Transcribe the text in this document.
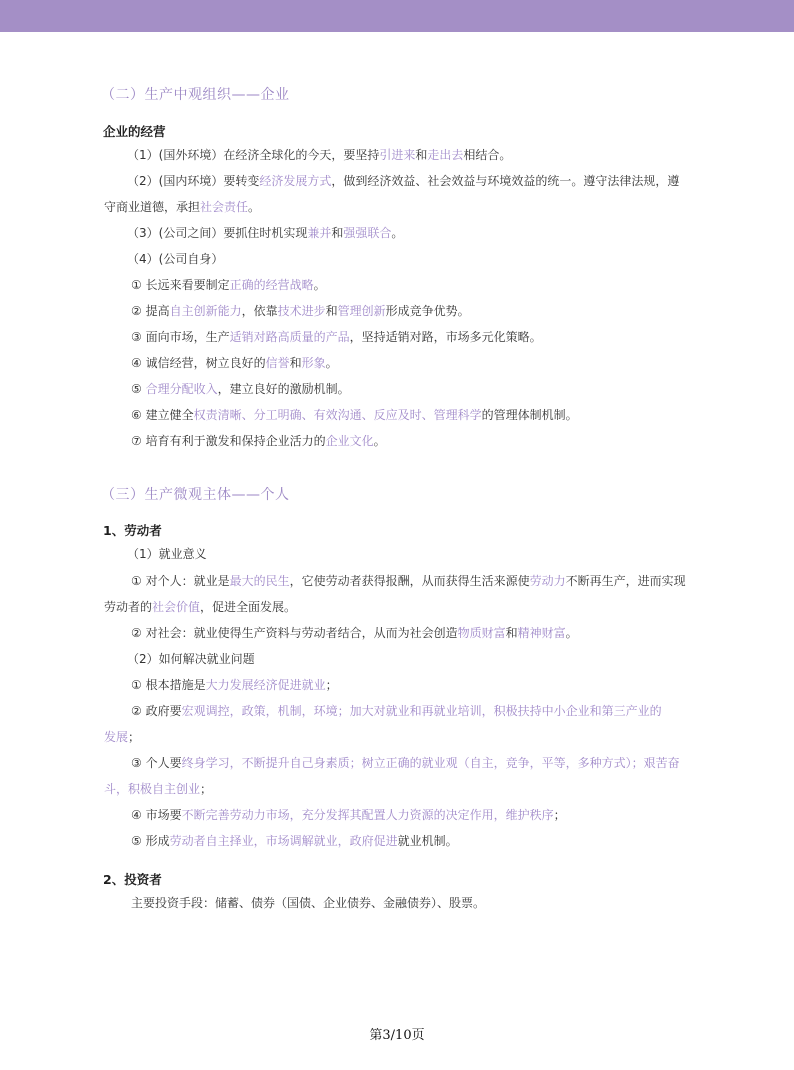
（二）生产中观组织——企业
企业的经营
（1）(国外环境）在经济全球化的今天，要坚持引进来和走出去相结合。
（2）(国内环境）要转变经济发展方式，做到经济效益、社会效益与环境效益的统一。遵守法律法规，遵
守商业道德，承担社会责任。
（3）(公司之间）要抓住时机实现兼并和强强联合。
（4）(公司自身）
① 长远来看要制定正确的经营战略。
② 提高自主创新能力，依靠技术进步和管理创新形成竞争优势。
③ 面向市场，生产适销对路高质量的产品，坚持适销对路，市场多元化策略。
④ 诚信经营，树立良好的信誉和形象。
⑤ 合理分配收入，建立良好的激励机制。
⑥ 建立健全权责清晰、分工明确、有效沟通、反应及时、管理科学的管理体制机制。
⑦ 培育有利于激发和保持企业活力的企业文化。
（三）生产微观主体——个人
1、劳动者
（1）就业意义
① 对个人：就业是最大的民生，它使劳动者获得报酬，从而获得生活来源使劳动力不断再生产，进而实现
劳动者的社会价值，促进全面发展。
② 对社会：就业使得生产资料与劳动者结合，从而为社会创造物质财富和精神财富。
（2）如何解决就业问题
① 根本措施是大力发展经济促进就业；
② 政府要宏观调控，政策，机制，环境；加大对就业和再就业培训，积极扶持中小企业和第三产业的
发展；
③ 个人要终身学习，不断提升自己身素质；树立正确的就业观（自主，竞争，平等，多种方式）；艰苦奋
斗，积极自主创业；
④ 市场要不断完善劳动力市场，充分发挥其配置人力资源的决定作用，维护秩序；
⑤ 形成劳动者自主择业，市场调解就业，政府促进就业机制。
2、投资者
主要投资手段：储蓄、债券（国债、企业债券、金融债券）、股票。
第3/10页
